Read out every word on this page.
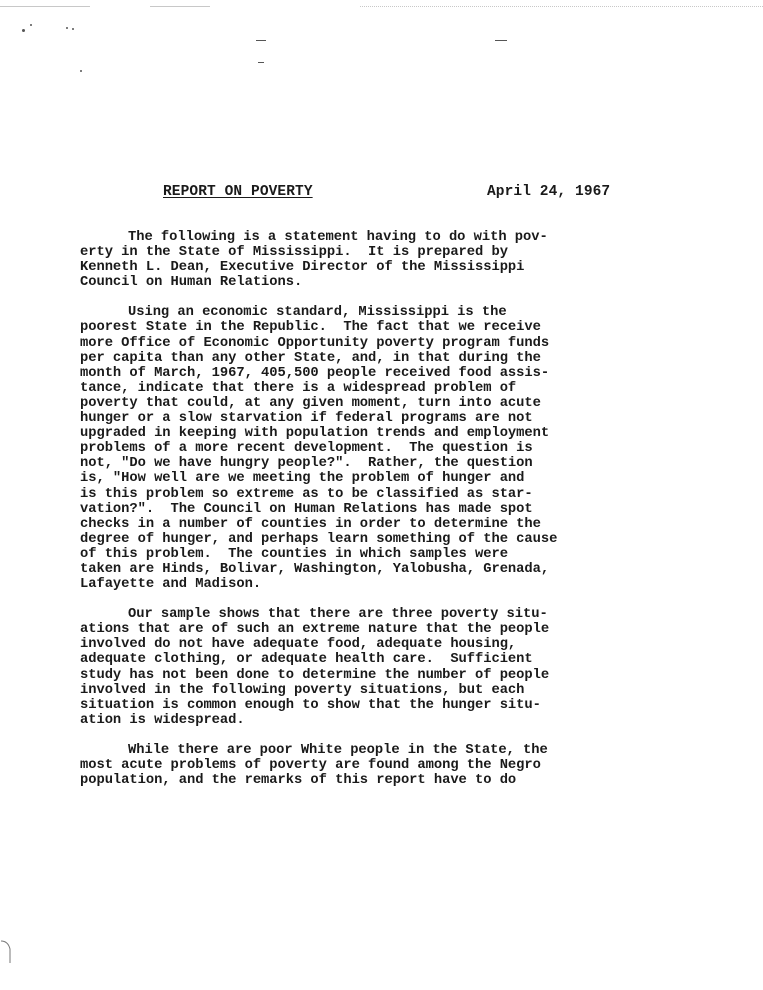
REPORT ON POVERTY	April 24, 1967
The following is a statement having to do with pov-
erty in the State of Mississippi.  It is prepared by
Kenneth L. Dean, Executive Director of the Mississippi
Council on Human Relations.
Using an economic standard, Mississippi is the
poorest State in the Republic.  The fact that we receive
more Office of Economic Opportunity poverty program funds
per capita than any other State, and, in that during the
month of March, 1967, 405,500 people received food assis-
tance, indicate that there is a widespread problem of
poverty that could, at any given moment, turn into acute
hunger or a slow starvation if federal programs are not
upgraded in keeping with population trends and employment
problems of a more recent development.  The question is
not, "Do we have hungry people?".  Rather, the question
is, "How well are we meeting the problem of hunger and
is this problem so extreme as to be classified as star-
vation?".  The Council on Human Relations has made spot
checks in a number of counties in order to determine the
degree of hunger, and perhaps learn something of the cause
of this problem.  The counties in which samples were
taken are Hinds, Bolivar, Washington, Yalobusha, Grenada,
Lafayette and Madison.
Our sample shows that there are three poverty situ-
ations that are of such an extreme nature that the people
involved do not have adequate food, adequate housing,
adequate clothing, or adequate health care.  Sufficient
study has not been done to determine the number of people
involved in the following poverty situations, but each
situation is common enough to show that the hunger situ-
ation is widespread.
While there are poor White people in the State, the
most acute problems of poverty are found among the Negro
population, and the remarks of this report have to do
